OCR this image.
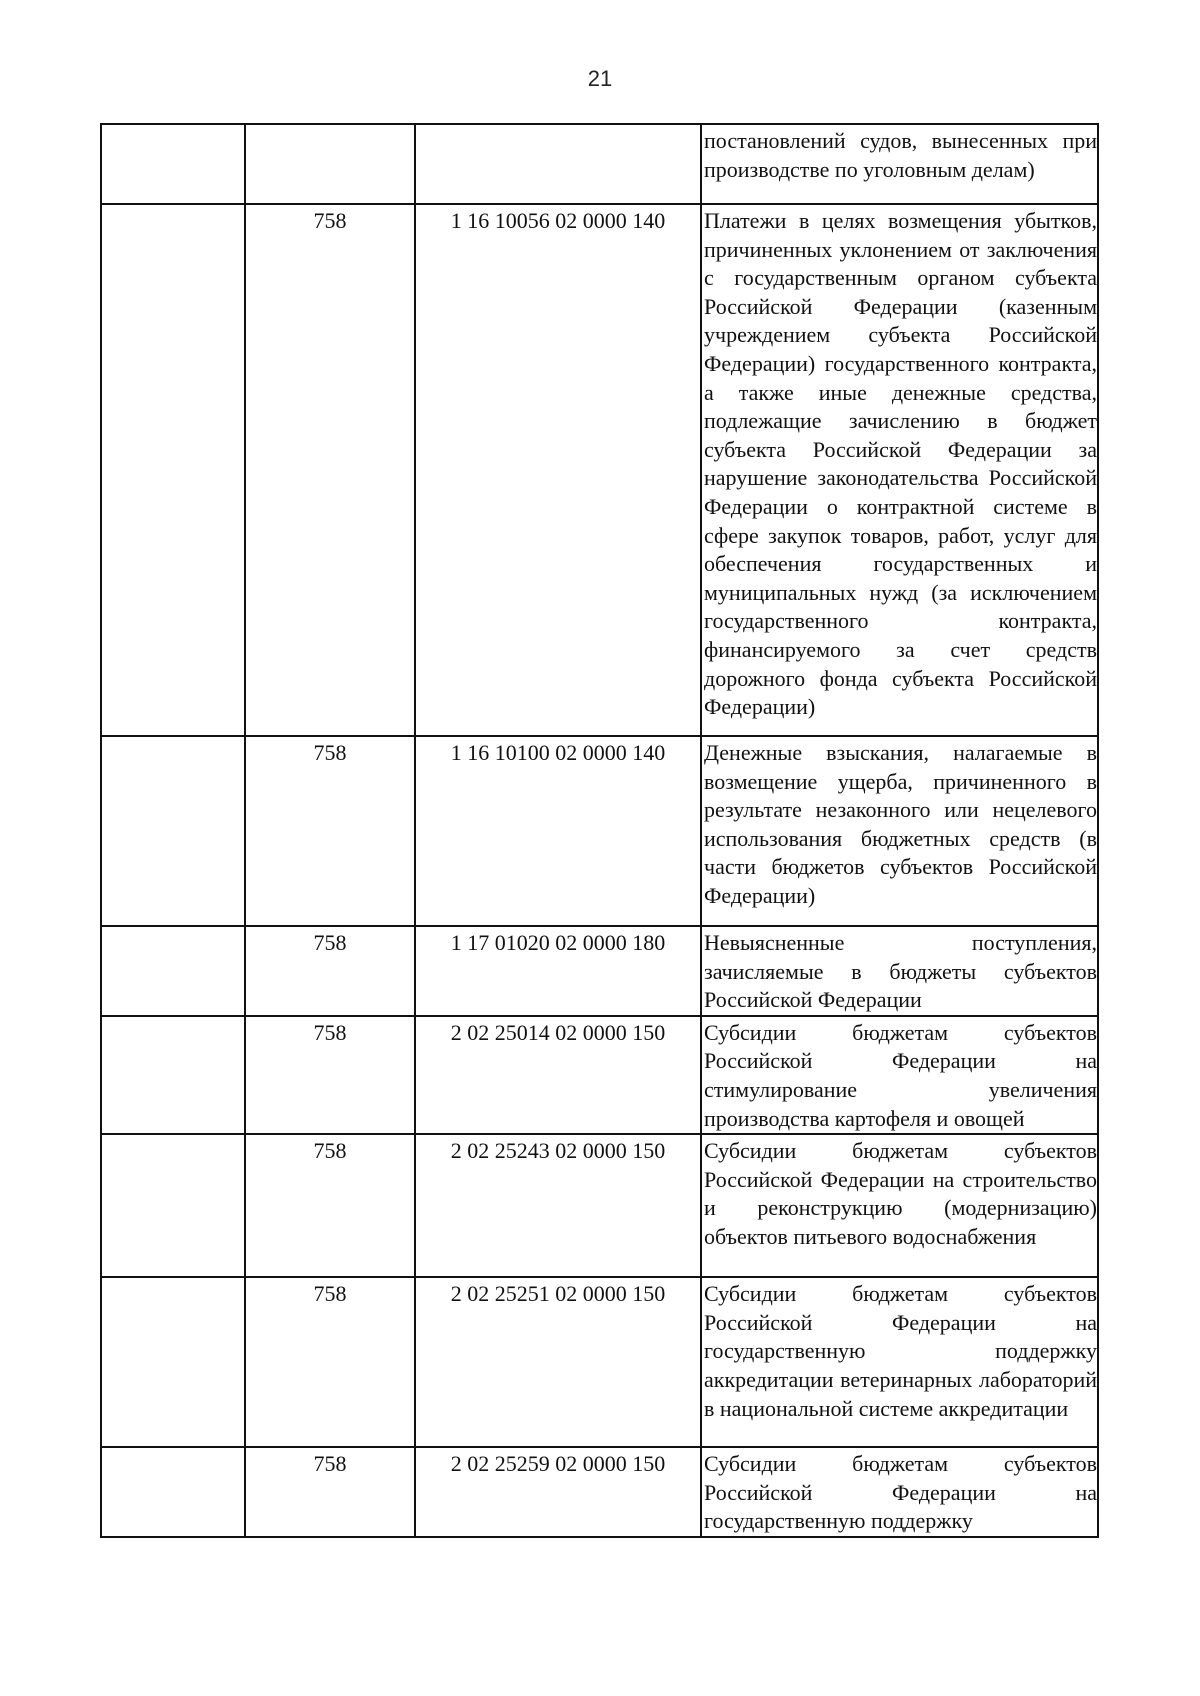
21
			постановлений судов, вынесенных при производстве по уголовным делам)
	758	1 16 10056 02 0000 140	Платежи в целях возмещения убытков, причиненных уклонением от заключения с государственным органом субъекта Российской Федерации (казенным учреждением субъекта Российской Федерации) государственного контракта, а также иные денежные средства, подлежащие зачислению в бюджет субъекта Российской Федерации за нарушение законодательства Российской Федерации о контрактной системе в сфере закупок товаров, работ, услуг для обеспечения государственных и муниципальных нужд (за исключением государственного контракта, финансируемого за счет средств дорожного фонда субъекта Российской Федерации)
	758	1 16 10100 02 0000 140	Денежные взыскания, налагаемые в возмещение ущерба, причиненного в результате незаконного или нецелевого использования бюджетных средств (в части бюджетов субъектов Российской Федерации)
	758	1 17 01020 02 0000 180	Невыясненные поступления, зачисляемые в бюджеты субъектов Российской Федерации
	758	2 02 25014 02 0000 150	Субсидии бюджетам субъектов Российской Федерации на стимулирование увеличения производства картофеля и овощей
	758	2 02 25243 02 0000 150	Субсидии бюджетам субъектов Российской Федерации на строительство и реконструкцию (модернизацию) объектов питьевого водоснабжения
	758	2 02 25251 02 0000 150	Субсидии бюджетам субъектов Российской Федерации на государственную поддержку аккредитации ветеринарных лабораторий в национальной системе аккредитации
	758	2 02 25259 02 0000 150	Субсидии бюджетам субъектов Российской Федерации на государственную поддержку
